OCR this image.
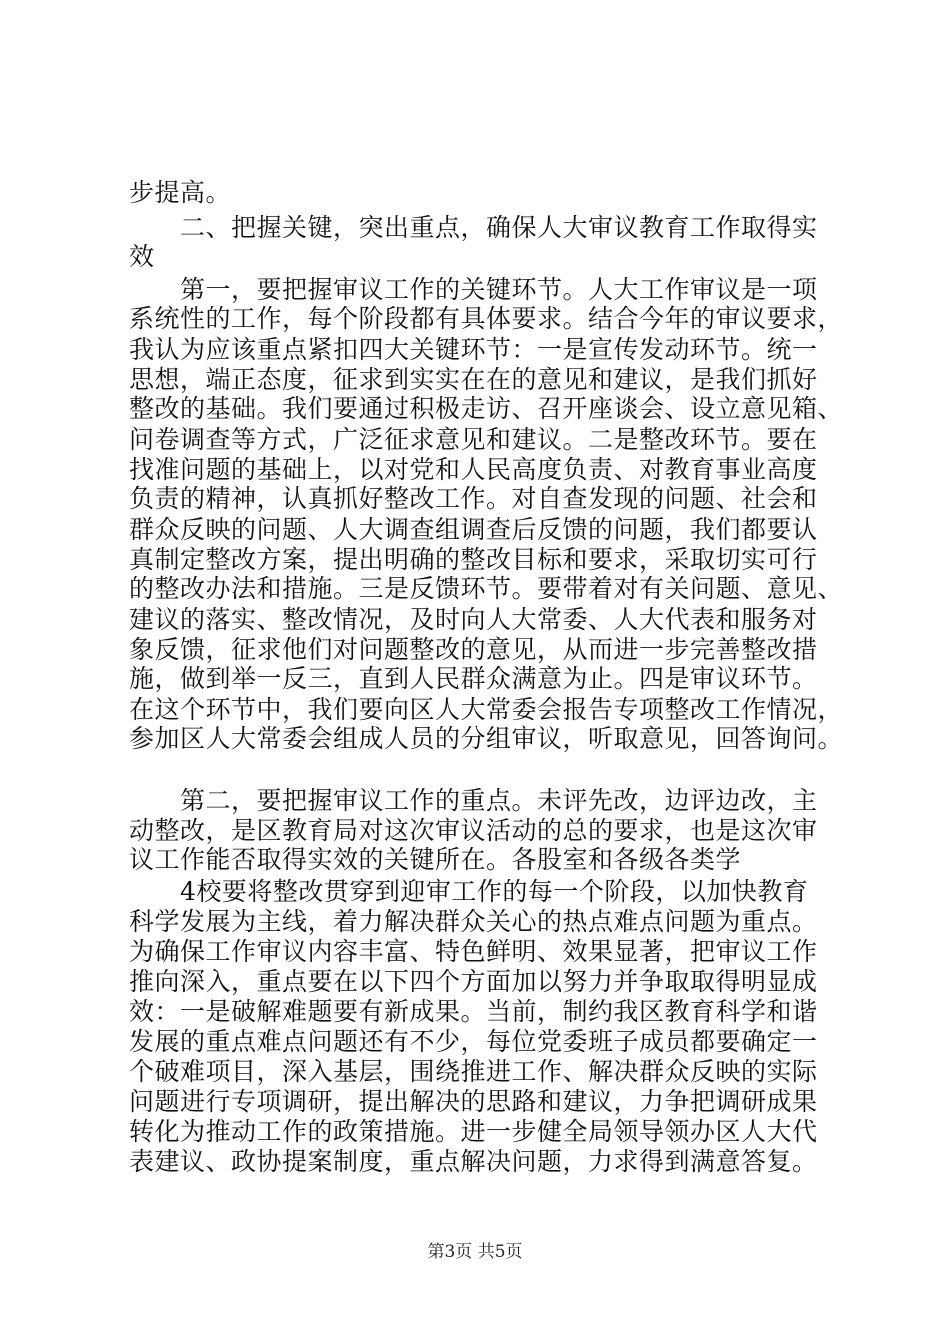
步提高。
二、把握关键，突出重点，确保人大审议教育工作取得实
效
第一，要把握审议工作的关键环节。人大工作审议是一项
系统性的工作，每个阶段都有具体要求。结合今年的审议要求，
我认为应该重点紧扣四大关键环节：一是宣传发动环节。统一
思想，端正态度，征求到实实在在的意见和建议，是我们抓好
整改的基础。我们要通过积极走访、召开座谈会、设立意见箱、
问卷调查等方式，广泛征求意见和建议。二是整改环节。要在
找准问题的基础上，以对党和人民高度负责、对教育事业高度
负责的精神，认真抓好整改工作。对自查发现的问题、社会和
群众反映的问题、人大调查组调查后反馈的问题，我们都要认
真制定整改方案，提出明确的整改目标和要求，采取切实可行
的整改办法和措施。三是反馈环节。要带着对有关问题、意见、
建议的落实、整改情况，及时向人大常委、人大代表和服务对
象反馈，征求他们对问题整改的意见，从而进一步完善整改措
施，做到举一反三，直到人民群众满意为止。四是审议环节。
在这个环节中，我们要向区人大常委会报告专项整改工作情况，
参加区人大常委会组成人员的分组审议，听取意见，回答询问。
第二，要把握审议工作的重点。未评先改，边评边改，主
动整改，是区教育局对这次审议活动的总的要求，也是这次审
议工作能否取得实效的关键所在。各股室和各级各类学
4校要将整改贯穿到迎审工作的每一个阶段，以加快教育
科学发展为主线，着力解决群众关心的热点难点问题为重点。
为确保工作审议内容丰富、特色鲜明、效果显著，把审议工作
推向深入，重点要在以下四个方面加以努力并争取取得明显成
效：一是破解难题要有新成果。当前，制约我区教育科学和谐
发展的重点难点问题还有不少，每位党委班子成员都要确定一
个破难项目，深入基层，围绕推进工作、解决群众反映的实际
问题进行专项调研，提出解决的思路和建议，力争把调研成果
转化为推动工作的政策措施。进一步健全局领导领办区人大代
表建议、政协提案制度，重点解决问题，力求得到满意答复。
第3页 共5页
